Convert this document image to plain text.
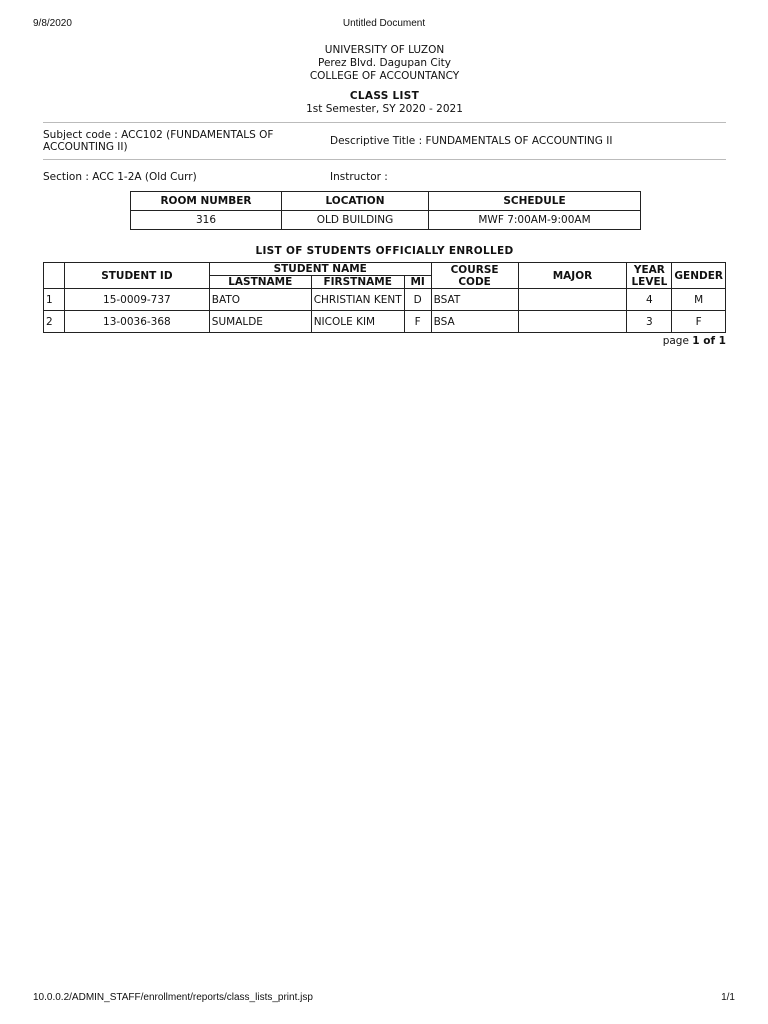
9/8/2020	Untitled Document
UNIVERSITY OF LUZON
Perez Blvd. Dagupan City
COLLEGE OF ACCOUNTANCY
CLASS LIST
1st Semester, SY 2020 - 2021
Subject code : ACC102 (FUNDAMENTALS OF ACCOUNTING II)	Descriptive Title : FUNDAMENTALS OF ACCOUNTING II
Section : ACC 1-2A (Old Curr)	Instructor :
ROOM NUMBER	LOCATION	SCHEDULE
316	OLD BUILDING	MWF 7:00AM-9:00AM
LIST OF STUDENTS OFFICIALLY ENROLLED
	STUDENT ID	STUDENT NAME			COURSE CODE	MAJOR	YEAR LEVEL	GENDER
		LASTNAME	FIRSTNAME	MI				
1	15-0009-737	BATO	CHRISTIAN KENT	D	BSAT		4	M
2	13-0036-368	SUMALDE	NICOLE KIM	F	BSA		3	F
page 1 of 1
10.0.0.2/ADMIN_STAFF/enrollment/reports/class_lists_print.jsp	1/1
